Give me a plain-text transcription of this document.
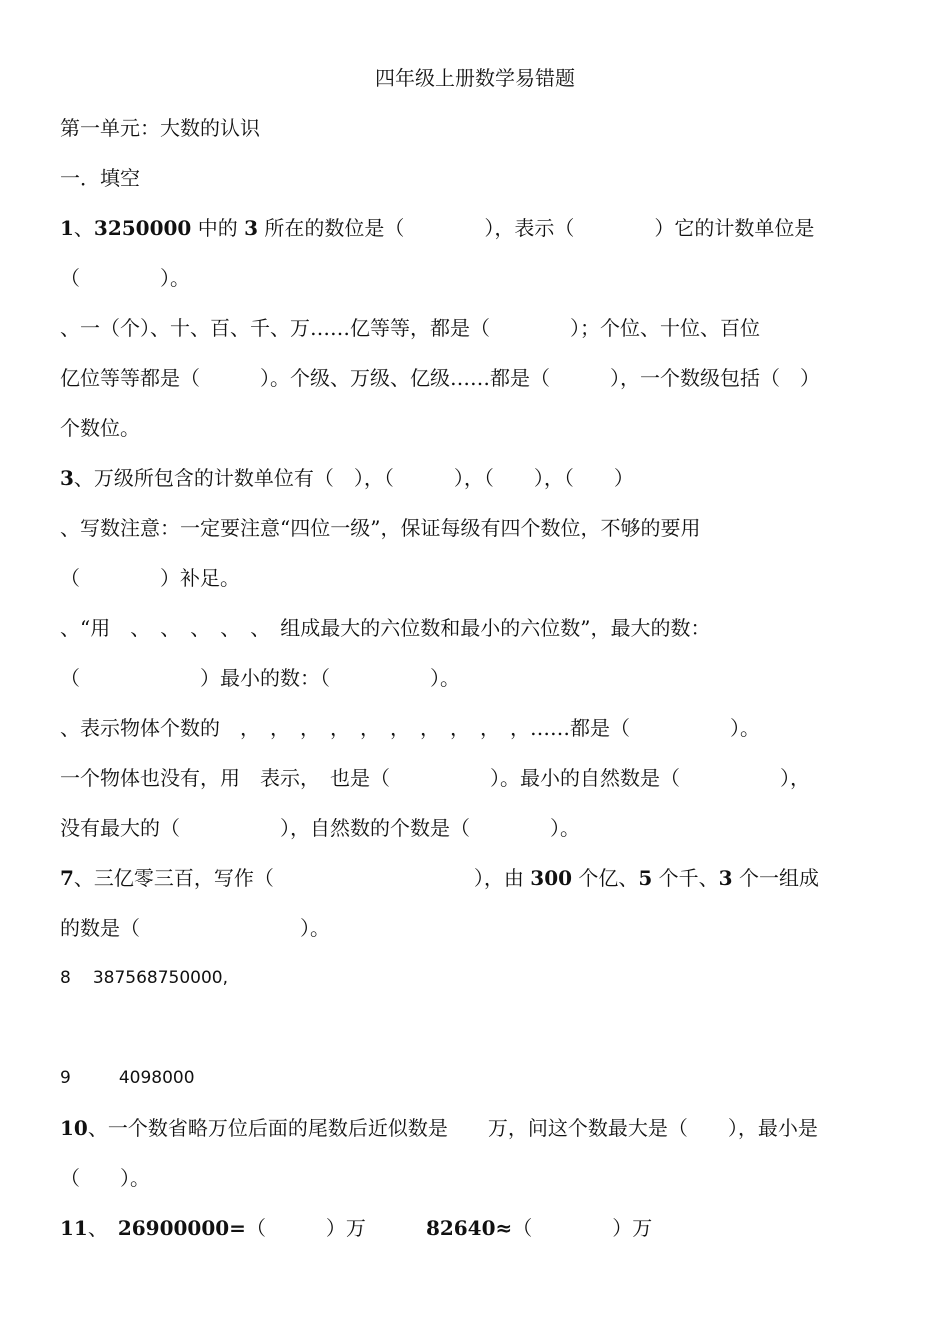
四年级上册数学易错题
第一单元：大数的认识
一．填空
1、3250000 中的 3 所在的数位是（　　　　），表示（　　　　）它的计数单位是
（　　　　）。
、一（个）、十、百、千、万……亿等等，都是（　　　　）；个位、十位、百位
亿位等等都是（　　　）。个级、万级、亿级……都是（　　　），一个数级包括（　）
个数位。
3、万级所包含的计数单位有（　），（　　　），（　　），（　　）
、写数注意：一定要注意“四位一级”，保证每级有四个数位，不够的要用
（　　　　）补足。
、“用　、　、　、　、　、　组成最大的六位数和最小的六位数”，最大的数：
（　　　　　　）最小的数：（　　　　　）。
、表示物体个数的　，　，　，　，　，　，　，　，　，　，……都是（　　　　　）。
一个物体也没有，用　表示，　也是（　　　　　）。最小的自然数是（　　　　　），
没有最大的（　　　　　），自然数的个数是（　　　　）。
7、三亿零三百，写作（　　　　　　　　　　），由 300 个亿、5 个千、3 个一组成
的数是（　　　　　　　　）。
8 387568750000,
9	4098000
10、一个数省略万位后面的尾数后近似数是　　万，问这个数最大是（　　），最小是
（　　）。
11、　26900000=（　　　）万　　　82640≈（　　　　）万
